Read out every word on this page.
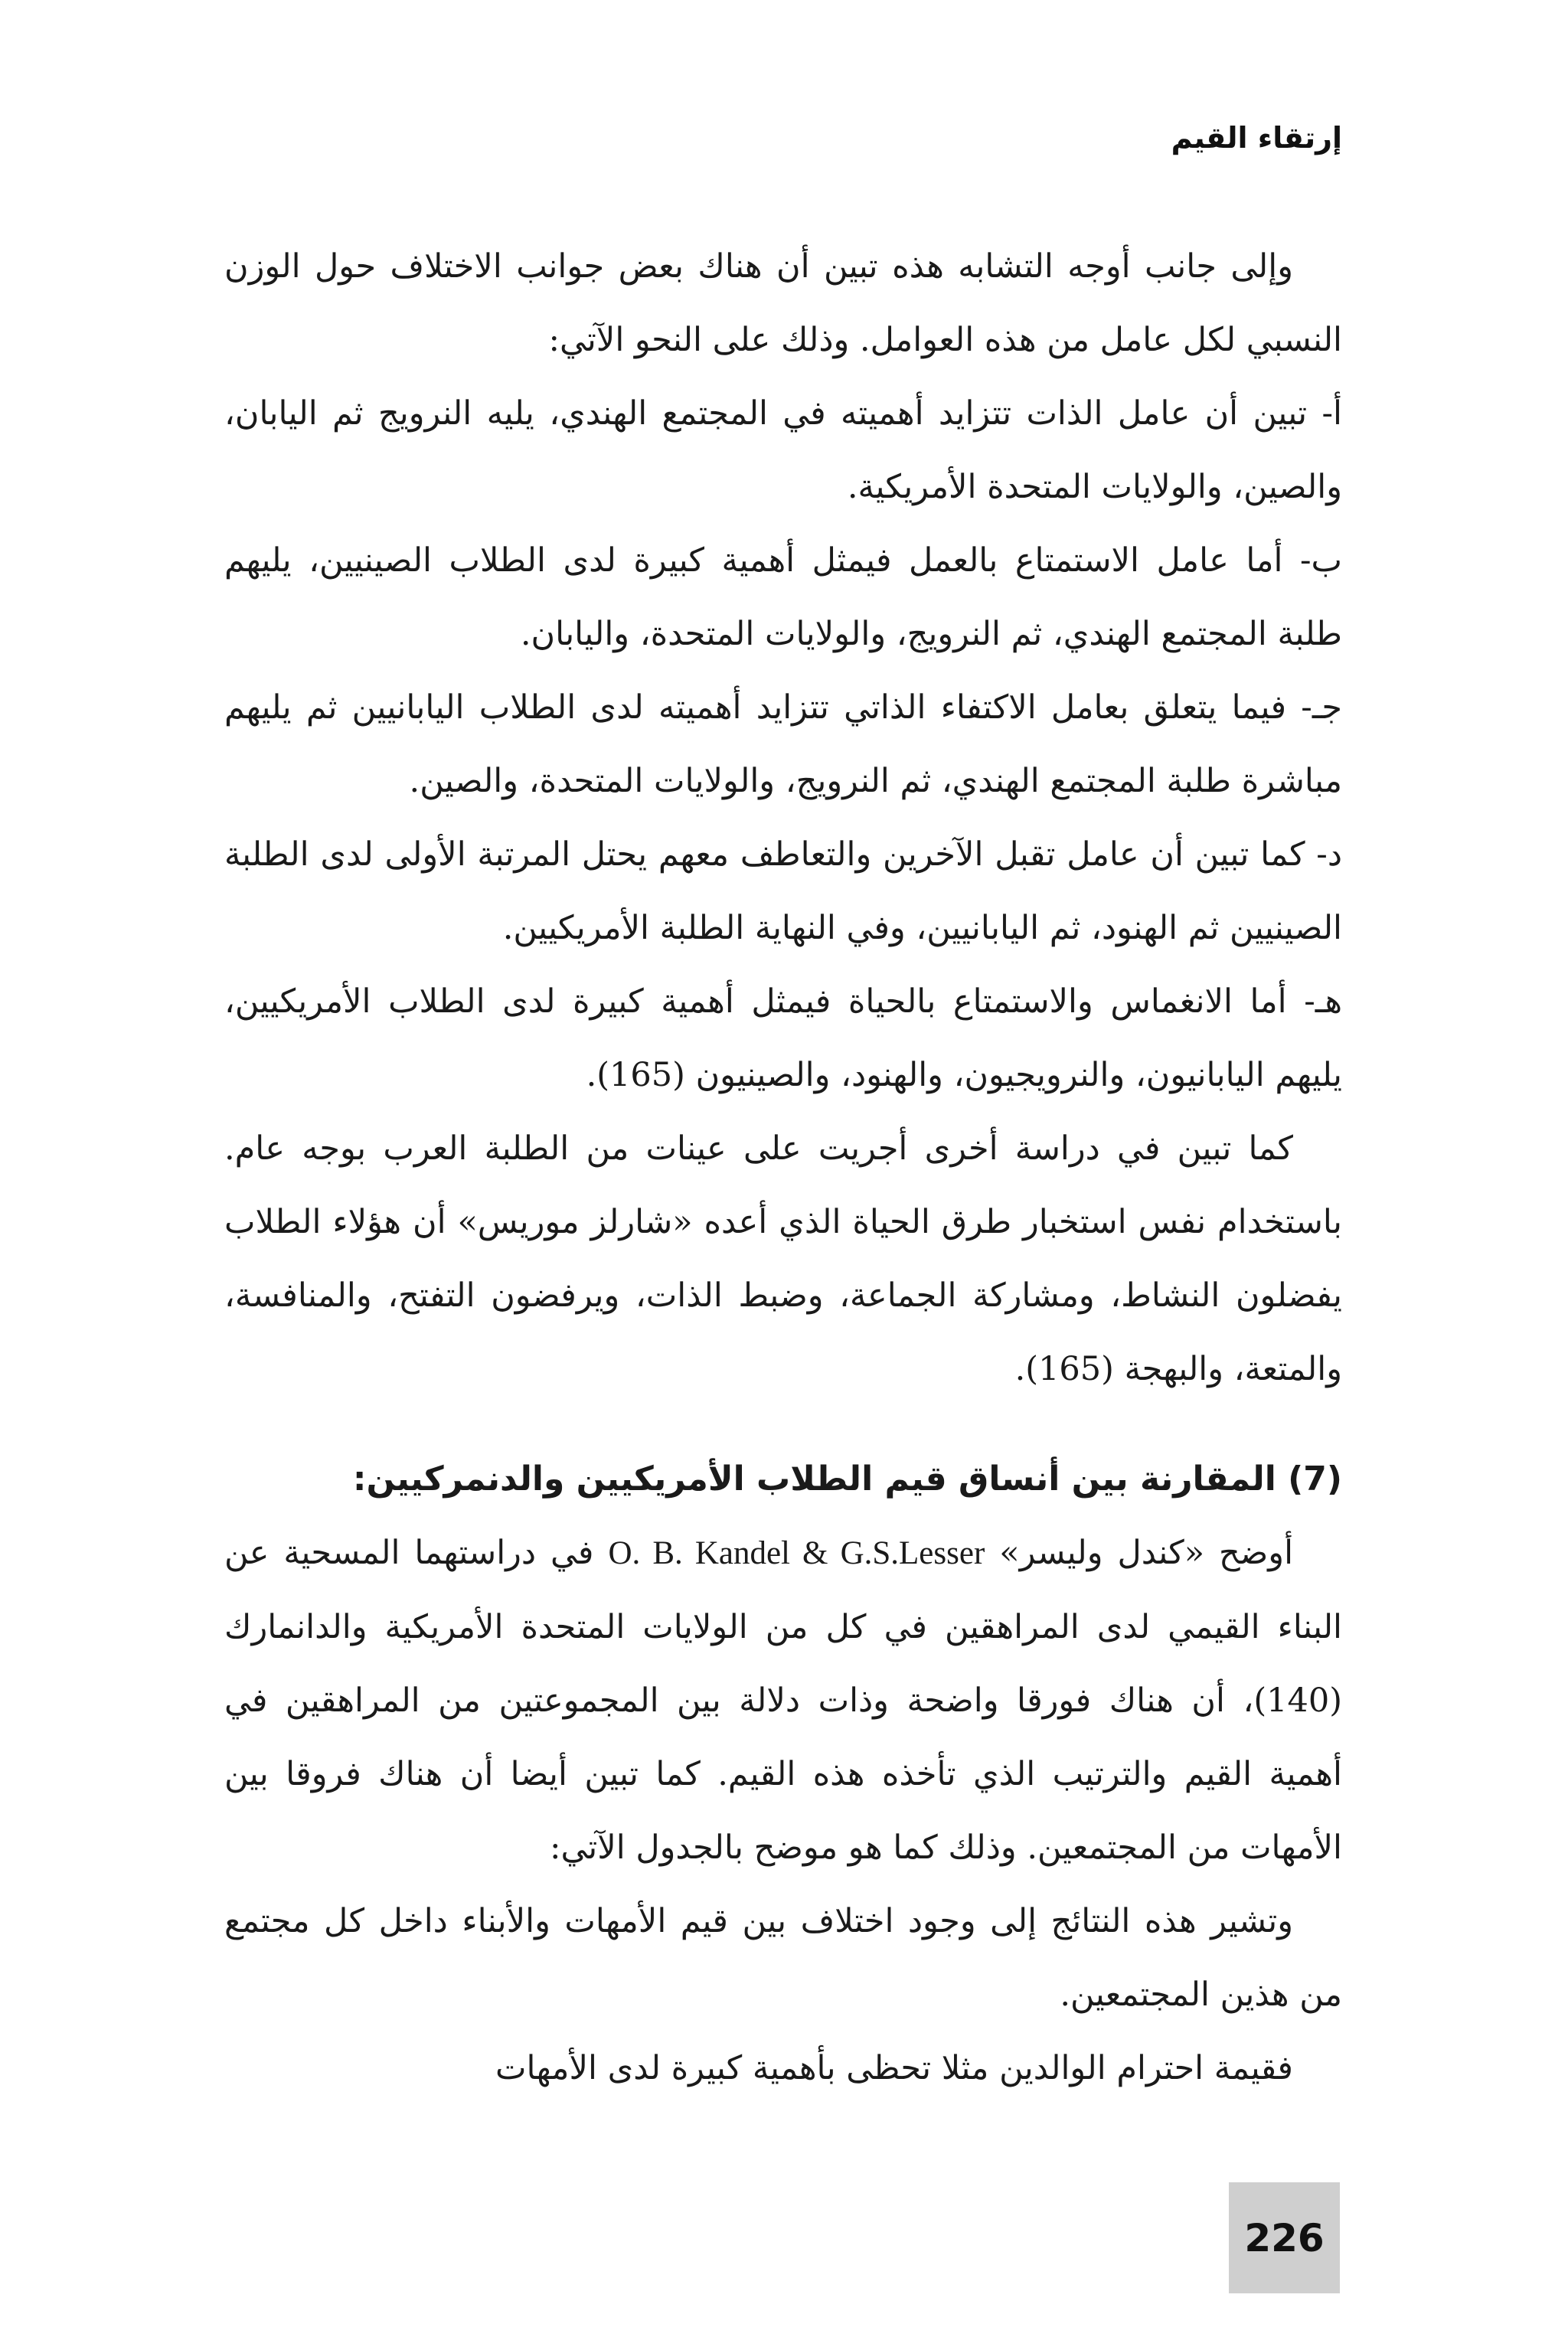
إرتقاء القيم

وإلى جانب أوجه التشابه هذه تبين أن هناك بعض جوانب الاختلاف حول الوزن النسبي لكل عامل من هذه العوامل. وذلك على النحو الآتي:

أ- تبين أن عامل الذات تتزايد أهميته في المجتمع الهندي، يليه النرويج ثم اليابان، والصين، والولايات المتحدة الأمريكية.

ب- أما عامل الاستمتاع بالعمل فيمثل أهمية كبيرة لدى الطلاب الصينيين، يليهم طلبة المجتمع الهندي، ثم النرويج، والولايات المتحدة، واليابان.

جـ- فيما يتعلق بعامل الاكتفاء الذاتي تتزايد أهميته لدى الطلاب اليابانيين ثم يليهم مباشرة طلبة المجتمع الهندي، ثم النرويج، والولايات المتحدة، والصين.

د- كما تبين أن عامل تقبل الآخرين والتعاطف معهم يحتل المرتبة الأولى لدى الطلبة الصينيين ثم الهنود، ثم اليابانيين، وفي النهاية الطلبة الأمريكيين.

هـ- أما الانغماس والاستمتاع بالحياة فيمثل أهمية كبيرة لدى الطلاب الأمريكيين، يليهم اليابانيون، والنرويجيون، والهنود، والصينيون (165).

كما تبين في دراسة أخرى أجريت على عينات من الطلبة العرب بوجه عام. باستخدام نفس استخبار طرق الحياة الذي أعده «شارلز موريس» أن هؤلاء الطلاب يفضلون النشاط، ومشاركة الجماعة، وضبط الذات، ويرفضون التفتح، والمنافسة، والمتعة، والبهجة (165).

(7) المقارنة بين أنساق قيم الطلاب الأمريكيين والدنمركيين:

أوضح «كندل وليسر» O. B. Kandel & G.S.Lesser في دراستهما المسحية عن البناء القيمي لدى المراهقين في كل من الولايات المتحدة الأمريكية والدانمارك (140)، أن هناك فورقا واضحة وذات دلالة بين المجموعتين من المراهقين في أهمية القيم والترتيب الذي تأخذه هذه القيم. كما تبين أيضا أن هناك فروقا بين الأمهات من المجتمعين. وذلك كما هو موضح بالجدول الآتي:

وتشير هذه النتائج إلى وجود اختلاف بين قيم الأمهات والأبناء داخل كل مجتمع من هذين المجتمعين.

فقيمة احترام الوالدين مثلا تحظى بأهمية كبيرة لدى الأمهات

226
